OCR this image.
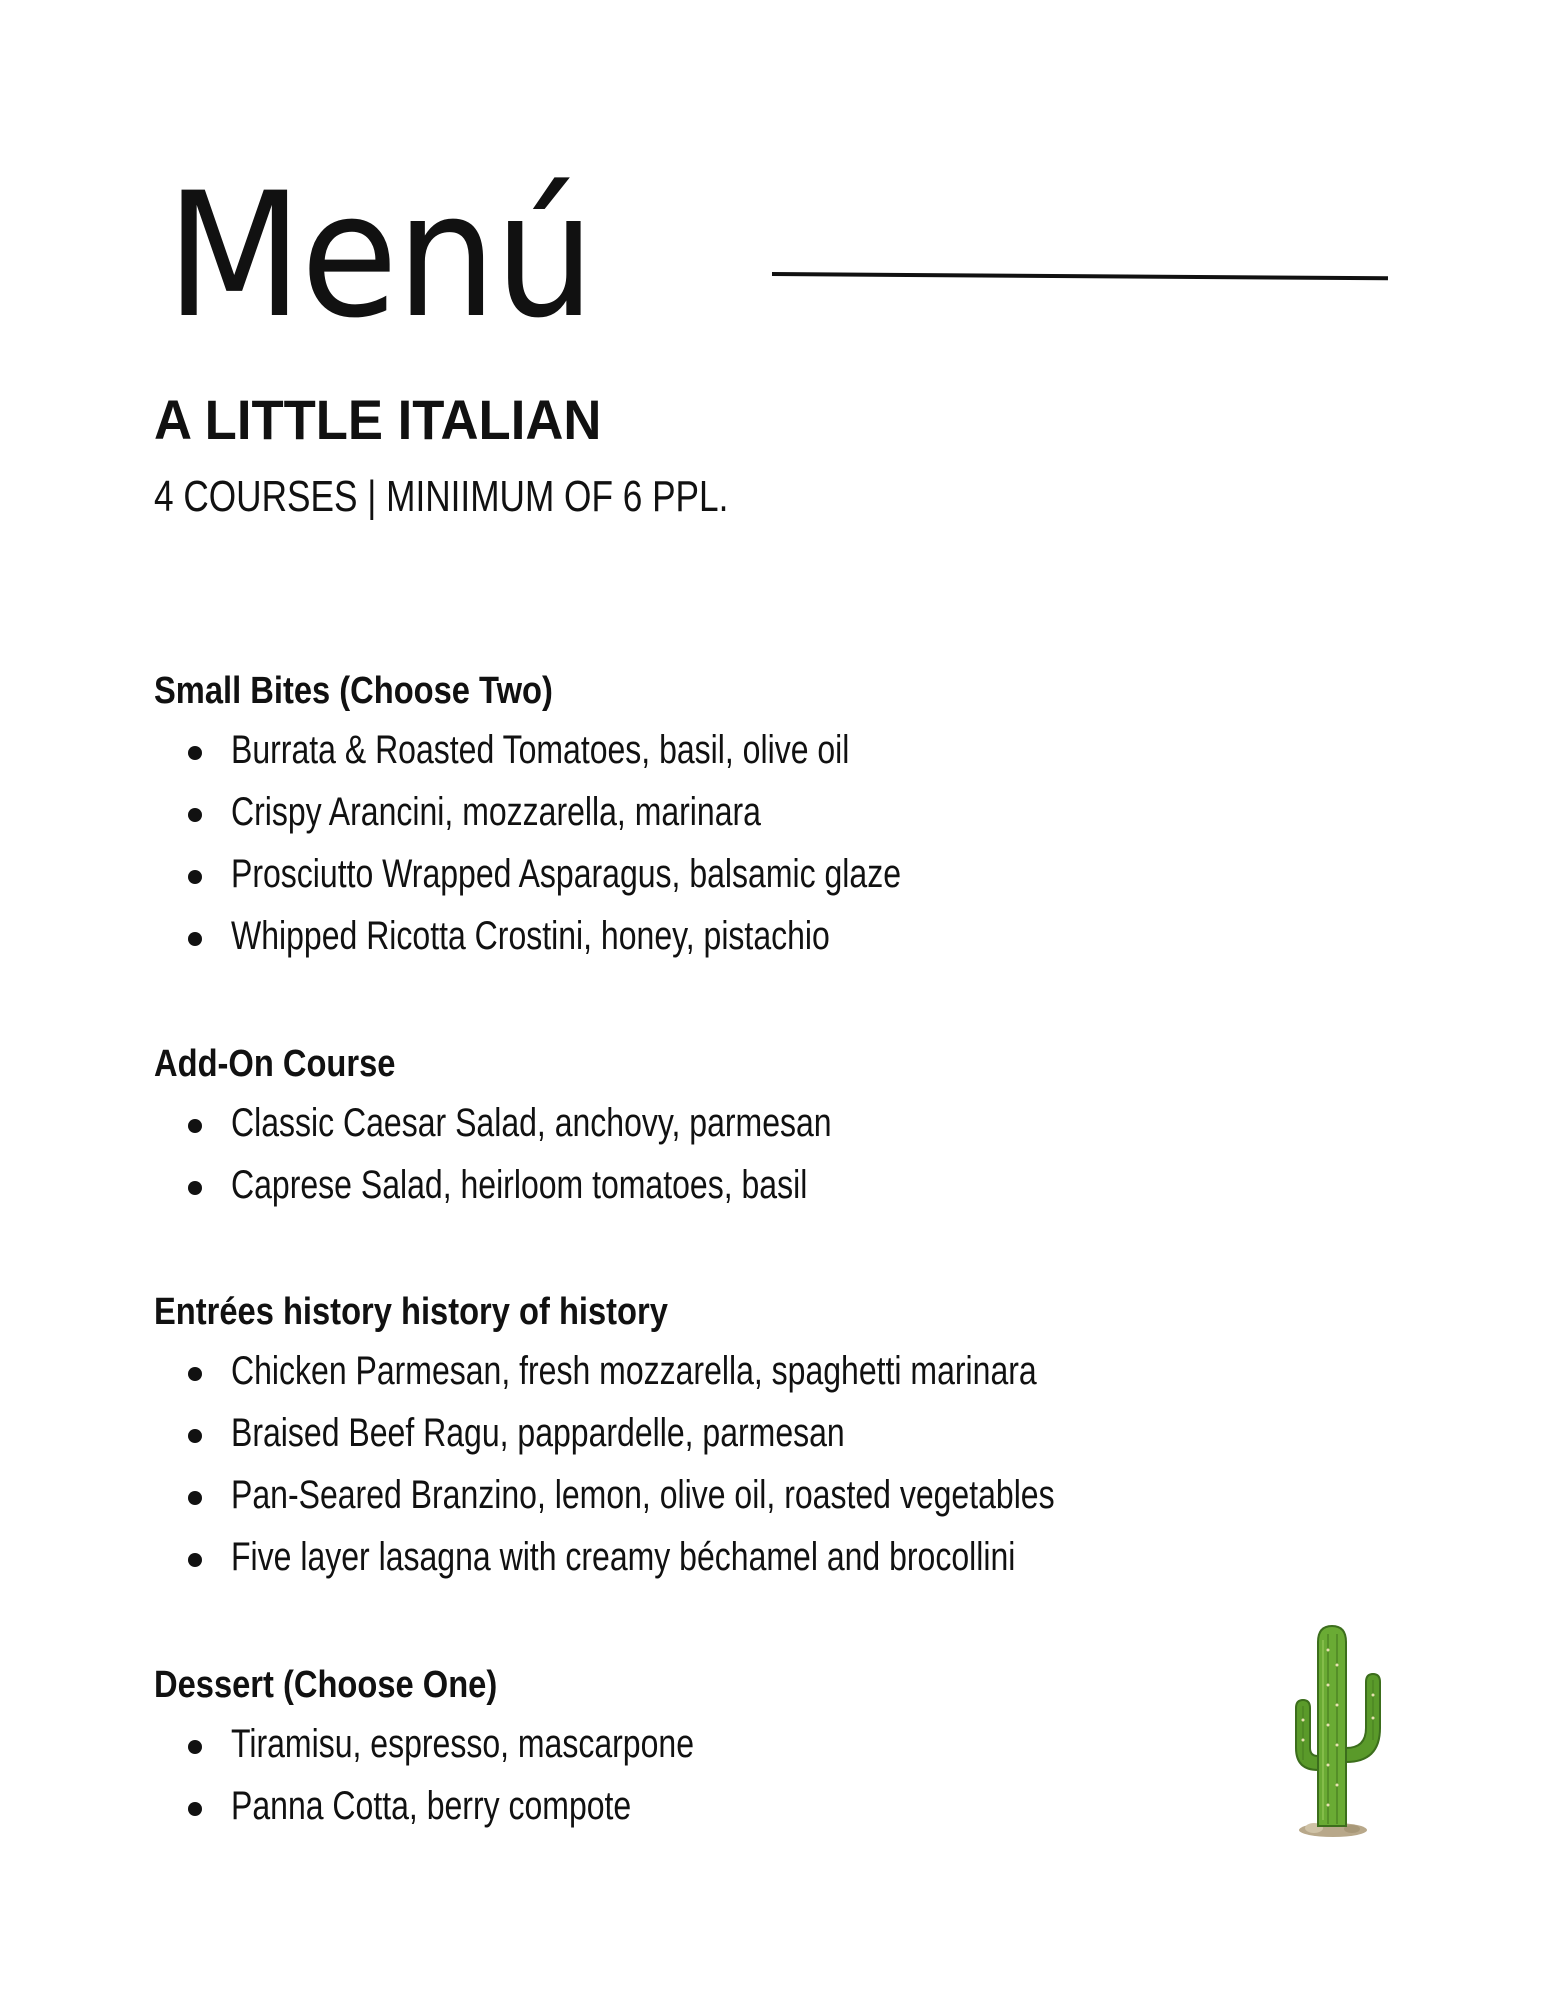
Menú
A LITTLE ITALIAN

4 COURSES | MINIIMUM OF 6 PPL.

Small Bites (Choose Two)
Burrata & Roasted Tomatoes, basil, olive oil
Crispy Arancini, mozzarella, marinara
Prosciutto Wrapped Asparagus, balsamic glaze
Whipped Ricotta Crostini, honey, pistachio
Add-On Course
Classic Caesar Salad, anchovy, parmesan
Caprese Salad, heirloom tomatoes, basil
Entrées history history of history
Chicken Parmesan, fresh mozzarella, spaghetti marinara
Braised Beef Ragu, pappardelle, parmesan
Pan-Seared Branzino, lemon, olive oil, roasted vegetables
Five layer lasagna with creamy béchamel and brocollini
Dessert (Choose One)
Tiramisu, espresso, mascarpone
Panna Cotta, berry compote
